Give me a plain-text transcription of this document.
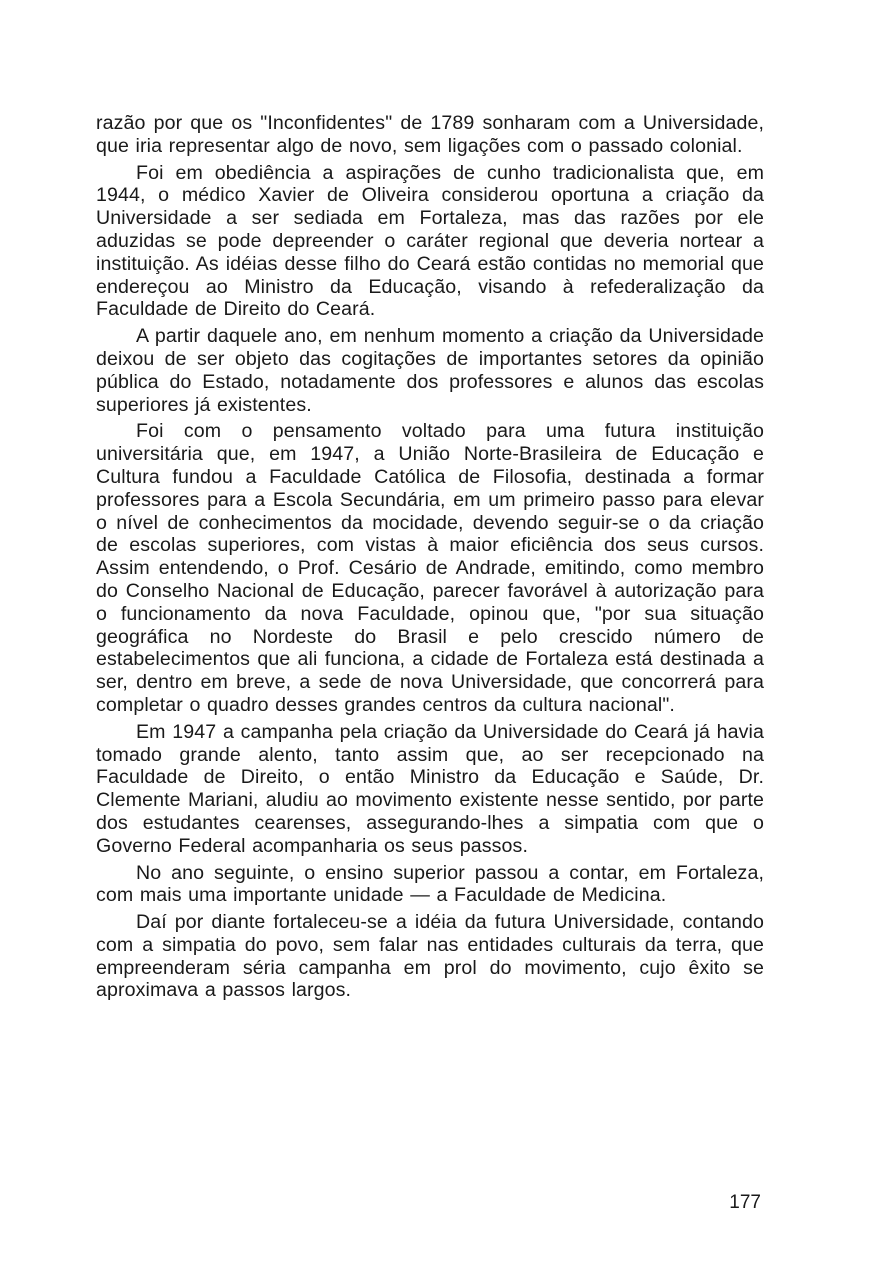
razão por que os "Inconfidentes" de 1789 sonharam com a Universidade, que iria representar algo de novo, sem ligações com o passado colonial.

Foi em obediência a aspirações de cunho tradicionalista que, em 1944, o médico Xavier de Oliveira considerou oportuna a criação da Universidade a ser sediada em Fortaleza, mas das razões por ele aduzidas se pode depreender o caráter regional que deveria nortear a instituição. As idéias desse filho do Ceará estão contidas no memorial que endereçou ao Ministro da Educação, visando à refederalização da Faculdade de Direito do Ceará.

A partir daquele ano, em nenhum momento a criação da Universidade deixou de ser objeto das cogitações de importantes setores da opinião pública do Estado, notadamente dos professores e alunos das escolas superiores já existentes.

Foi com o pensamento voltado para uma futura instituição universitária que, em 1947, a União Norte-Brasileira de Educação e Cultura fundou a Faculdade Católica de Filosofia, destinada a formar professores para a Escola Secundária, em um primeiro passo para elevar o nível de conhecimentos da mocidade, devendo seguir-se o da criação de escolas superiores, com vistas à maior eficiência dos seus cursos. Assim entendendo, o Prof. Cesário de Andrade, emitindo, como membro do Conselho Nacional de Educação, parecer favorável à autorização para o funcionamento da nova Faculdade, opinou que, "por sua situação geográfica no Nordeste do Brasil e pelo crescido número de estabelecimentos que ali funciona, a cidade de Fortaleza está destinada a ser, dentro em breve, a sede de nova Universidade, que concorrerá para completar o quadro desses grandes centros da cultura nacional".

Em 1947 a campanha pela criação da Universidade do Ceará já havia tomado grande alento, tanto assim que, ao ser recepcionado na Faculdade de Direito, o então Ministro da Educação e Saúde, Dr. Clemente Mariani, aludiu ao movimento existente nesse sentido, por parte dos estudantes cearenses, assegurando-lhes a simpatia com que o Governo Federal acompanharia os seus passos.

No ano seguinte, o ensino superior passou a contar, em Fortaleza, com mais uma importante unidade — a Faculdade de Medicina.

Daí por diante fortaleceu-se a idéia da futura Universidade, contando com a simpatia do povo, sem falar nas entidades culturais da terra, que empreenderam séria campanha em prol do movimento, cujo êxito se aproximava a passos largos.

177
